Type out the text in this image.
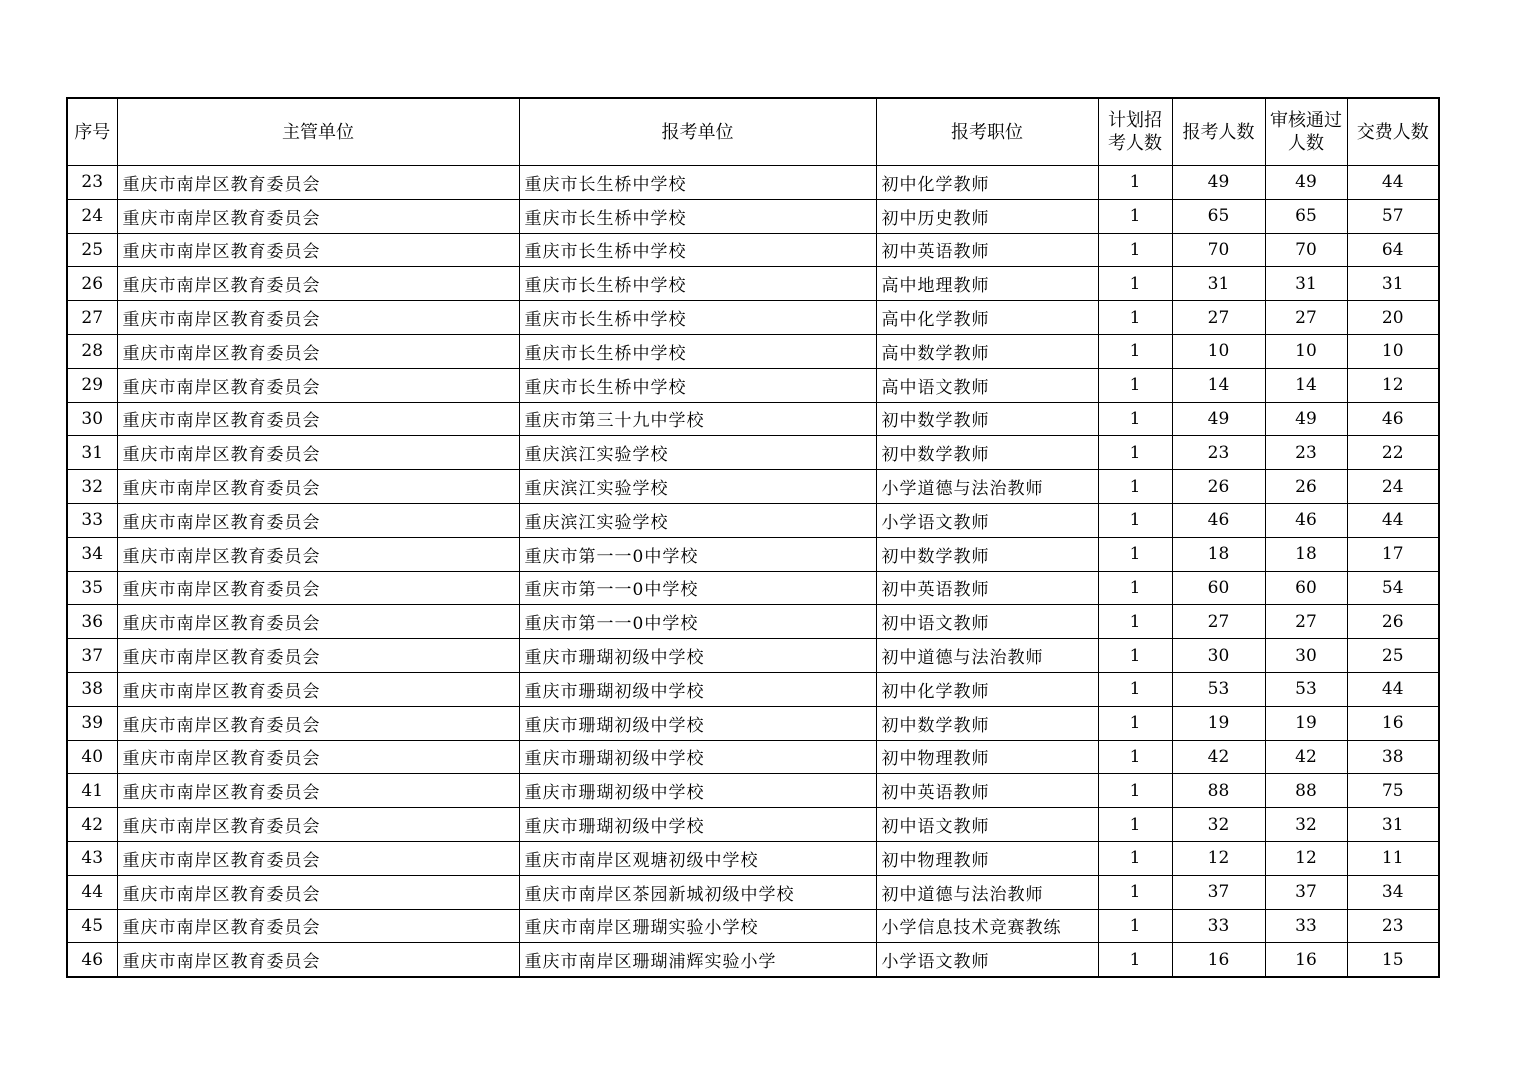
序号	主管单位	报考单位	报考职位	计划招考人数	报考人数	审核通过人数	交费人数
23	重庆市南岸区教育委员会	重庆市长生桥中学校	初中化学教师	1	49	49	44
24	重庆市南岸区教育委员会	重庆市长生桥中学校	初中历史教师	1	65	65	57
25	重庆市南岸区教育委员会	重庆市长生桥中学校	初中英语教师	1	70	70	64
26	重庆市南岸区教育委员会	重庆市长生桥中学校	高中地理教师	1	31	31	31
27	重庆市南岸区教育委员会	重庆市长生桥中学校	高中化学教师	1	27	27	20
28	重庆市南岸区教育委员会	重庆市长生桥中学校	高中数学教师	1	10	10	10
29	重庆市南岸区教育委员会	重庆市长生桥中学校	高中语文教师	1	14	14	12
30	重庆市南岸区教育委员会	重庆市第三十九中学校	初中数学教师	1	49	49	46
31	重庆市南岸区教育委员会	重庆滨江实验学校	初中数学教师	1	23	23	22
32	重庆市南岸区教育委员会	重庆滨江实验学校	小学道德与法治教师	1	26	26	24
33	重庆市南岸区教育委员会	重庆滨江实验学校	小学语文教师	1	46	46	44
34	重庆市南岸区教育委员会	重庆市第一一0中学校	初中数学教师	1	18	18	17
35	重庆市南岸区教育委员会	重庆市第一一0中学校	初中英语教师	1	60	60	54
36	重庆市南岸区教育委员会	重庆市第一一0中学校	初中语文教师	1	27	27	26
37	重庆市南岸区教育委员会	重庆市珊瑚初级中学校	初中道德与法治教师	1	30	30	25
38	重庆市南岸区教育委员会	重庆市珊瑚初级中学校	初中化学教师	1	53	53	44
39	重庆市南岸区教育委员会	重庆市珊瑚初级中学校	初中数学教师	1	19	19	16
40	重庆市南岸区教育委员会	重庆市珊瑚初级中学校	初中物理教师	1	42	42	38
41	重庆市南岸区教育委员会	重庆市珊瑚初级中学校	初中英语教师	1	88	88	75
42	重庆市南岸区教育委员会	重庆市珊瑚初级中学校	初中语文教师	1	32	32	31
43	重庆市南岸区教育委员会	重庆市南岸区观塘初级中学校	初中物理教师	1	12	12	11
44	重庆市南岸区教育委员会	重庆市南岸区茶园新城初级中学校	初中道德与法治教师	1	37	37	34
45	重庆市南岸区教育委员会	重庆市南岸区珊瑚实验小学校	小学信息技术竞赛教练	1	33	33	23
46	重庆市南岸区教育委员会	重庆市南岸区珊瑚浦辉实验小学	小学语文教师	1	16	16	15
